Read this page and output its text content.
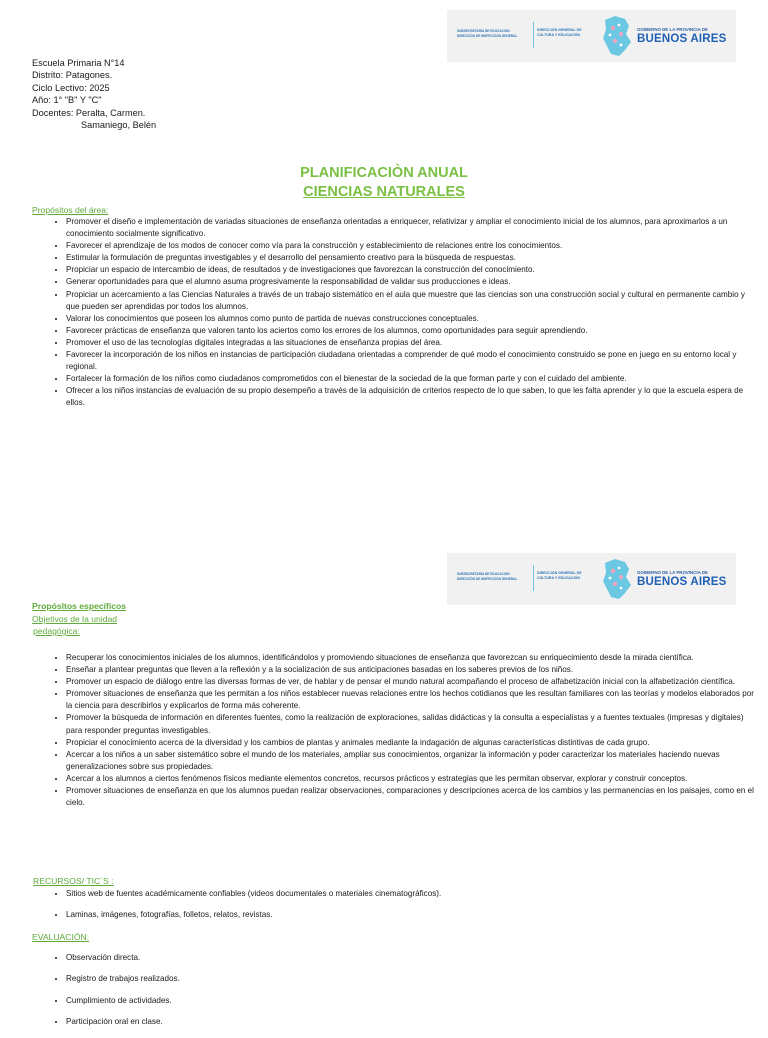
SUBSECRETARÍA DE EDUCACIÓN
DIRECCIÓN DE INSPECCIÓN GENERAL
DIRECCIÓN GENERAL DE
CULTURA Y EDUCACIÓN
GOBIERNO DE LA PROVINCIA DE
BUENOS AIRES
Escuela Primaria N°14
Distrito: Patagones.
Ciclo Lectivo: 2025
Año: 1° "B" Y "C"
Docentes: Peralta, Carmen.
Samaniego, Belén
PLANIFICACIÒN ANUAL
CIENCIAS NATURALES
Propósitos del área:
• Promover el diseño e implementación de variadas situaciones de enseñanza orientadas a enriquecer, relativizar y ampliar el conocimiento inicial de los alumnos, para aproximarlos a un conocimiento socialmente significativo.
• Favorecer el aprendizaje de los modos de conocer como vía para la construcción y establecimiento de relaciones entre los conocimientos.
• Estimular la formulación de preguntas investigables y el desarrollo del pensamiento creativo para la búsqueda de respuestas.
• Propiciar un espacio de intercambio de ideas, de resultados y de investigaciones que favorezcan la construcción del conocimiento.
• Generar oportunidades para que el alumno asuma progresivamente la responsabilidad de validar sus producciones e ideas.
• Propiciar un acercamiento a las Ciencias Naturales a través de un trabajo sistemático en el aula que muestre que las ciencias son una construcción social y cultural en permanente cambio y que pueden ser aprendidas por todos los alumnos.
• Valorar los conocimientos que poseen los alumnos como punto de partida de nuevas construcciones conceptuales.
• Favorecer prácticas de enseñanza que valoren tanto los aciertos como los errores de los alumnos, como oportunidades para seguir aprendiendo.
• Promover el uso de las tecnologías digitales integradas a las situaciones de enseñanza propias del área.
• Favorecer la incorporación de los niños en instancias de participación ciudadana orientadas a comprender de qué modo el conocimiento construido se pone en juego en su entorno local y regional.
• Fortalecer la formación de los niños como ciudadanos comprometidos con el bienestar de la sociedad de la que forman parte y con el cuidado del ambiente.
• Ofrecer a los niños instancias de evaluación de su propio desempeño a través de la adquisición de criterios respecto de lo que saben, lo que les falta aprender y lo que la escuela espera de ellos.
SUBSECRETARÍA DE EDUCACIÓN
DIRECCIÓN DE INSPECCIÓN GENERAL
DIRECCIÓN GENERAL DE
CULTURA Y EDUCACIÓN
GOBIERNO DE LA PROVINCIA DE
BUENOS AIRES
Propósltos específicos
Objetivos de la unidad
pedagógica:
• Recuperar los conocimientos iniciales de los alumnos, identificándolos y promoviendo situaciones de enseñanza que favorezcan su enriquecimiento desde la mirada científica.
• Enseñar a plantear preguntas que lleven a la reflexión y a la socialización de sus anticipaciones basadas en los saberes previos de los niños.
• Promover un espacio de diálogo entre las diversas formas de ver, de hablar y de pensar el mundo natural acompañando el proceso de alfabetización inicial con la alfabetización científica.
• Promover situaciones de enseñanza que les permitan a los niños establecer nuevas relaciones entre los hechos cotidianos que les resultan familiares con las teorías y modelos elaborados por la ciencia para describirlos y explicarlos de forma más coherente.
• Promover la búsqueda de información en diferentes fuentes, como la realización de exploraciones, salidas didácticas y la consulta a especialistas y a fuentes textuales (impresas y digitales) para responder preguntas investigables.
• Propiciar el conocimiento acerca de la diversidad y los cambios de plantas y animales mediante la indagación de algunas características distintivas de cada grupo.
• Acercar a los niños a un saber sistemático sobre el mundo de los materiales, ampliar sus conocimientos, organizar la información y poder caracterizar los materiales haciendo nuevas generalizaciones sobre sus propiedades.
• Acercar a los alumnos a ciertos fenómenos físicos mediante elementos concretos, recursos prácticos y estrategias que les permitan observar, explorar y construir conceptos.
• Promover situaciones de enseñanza en que los alumnos puedan realizar observaciones, comparaciones y descripciones acerca de los cambios y las permanencias en los paisajes, como en el cielo.
RECURSOS/ TIC´S :
• Sitios web de fuentes académicamente confiables (videos documentales o materiales cinematográficos).
• Laminas, imágenes, fotografías, folletos, relatos, revistas.
EVALUACIÓN:
• Observación directa.
• Registro de trabajos realizados.
• Cumplimiento de actividades.
• Participación oral en clase.
